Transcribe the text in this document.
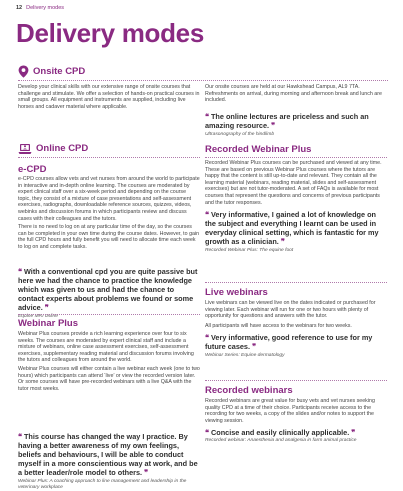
12 Delivery modes
Delivery modes
Onsite CPD

Develop your clinical skills with our extensive range of onsite courses that challenge and stimulate. We offer a selection of hands-on practical courses in small groups. All equipment and instruments are supplied, including live horses and cadaver material where applicable.

Online CPD
e-CPD

e-CPD courses allow vets and vet nurses from around the world to participate in interactive and in-depth online learning. The courses are moderated by expert clinical staff over a six-week period and depending on the course topic, they consist of a mixture of case presentations and self-assessment exercises, radiographs, downloadable reference sources, quizzes, videos, webinks and discussion forums in which participants review and discuss cases with their colleagues and the tutors.

There is no need to log on at any particular time of the day, so the courses can be completed in your own time during the course dates. However, to gain the full CPD hours and fully benefit you will need to allocate time each week to log on and complete tasks.

❝ With a conventional cpd you are quite passive but here we had the chance to practice the knowledge which was given to us and had the chance to contact experts about problems we found or some advice. ❞

Equine MRI online

Webinar Plus

Webinar Plus courses provide a rich learning experience over four to six weeks. The courses are moderated by expert clinical staff and include a mixture of webinars, online case assessment exercises, self-assessment exercises, supplementary reading material and discussion forums involving the tutors and colleagues from around the world.

Webinar Plus courses will either contain a live webinar each week (one to two hours) which participants can attend ‘live’ or view the recorded version later. Or some courses will have pre-recorded webinars with a live Q&A with the tutor most weeks.

❝ This course has changed the way I practice. By having a better awareness of my own feelings, beliefs and behaviours, I will be able to conduct myself in a more conscientious way at work, and be a better leader/role model to others. ❞

Webinar Plus: A coaching approach to line management and leadership in the veterinary workplace

Our onsite courses are held at our Hawkshead Campus, AL9 7TA. Refreshments on arrival, during morning and afternoon break and lunch are included.

❝ The online lectures are priceless and such an amazing resource. ❞

Ultrasonography of the hindlimb

Recorded Webinar Plus

Recorded Webinar Plus courses can be purchased and viewed at any time. These are based on previous Webinar Plus courses where the tutors are happy that the content is still up-to-date and relevant. They contain all the learning material (webinars, reading material, slides and self-assessment exercises) but are not tutor-moderated. A set of FAQs is available for most courses that represent the questions and concerns of previous participants and the tutor responses.

❝ Very informative, I gained a lot of knowledge on the subject and everything I learnt can be used in everyday clinical setting, which is fantastic for my growth as a clinician. ❞

Recorded Webinar Plus: The equine foot

Live webinars

Live webinars can be viewed live on the dates indicated or purchased for viewing later. Each webinar will run for one or two hours with plenty of opportunity for questions and answers with the tutor.

All participants will have access to the webinars for two weeks.

❝ Very informative, good reference to use for my future cases. ❞

Webinar Series: Equine dermatology

Recorded webinars

Recorded webinars are great value for busy vets and vet nurses seeking quality CPD at a time of their choice. Participants receive access to the recording for two weeks, a copy of the slides and/or notes to support the viewing session.

❝ Concise and easily clinically applicable. ❞

Recorded webinar: Anaesthesia and analgesia in farm animal practice
